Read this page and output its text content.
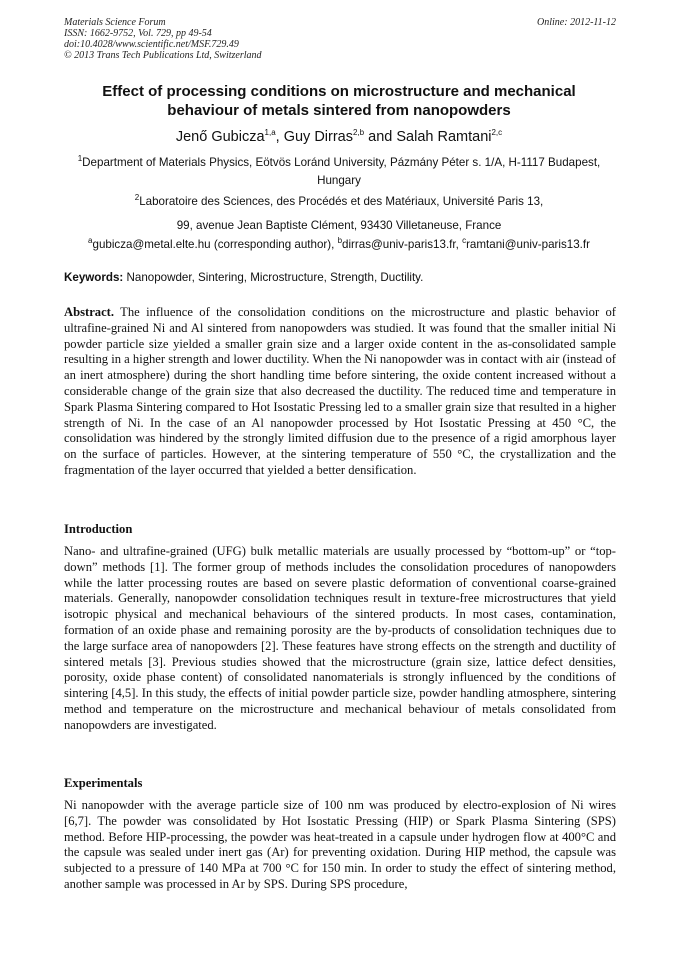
Materials Science Forum
ISSN: 1662-9752, Vol. 729, pp 49-54
doi:10.4028/www.scientific.net/MSF.729.49
© 2013 Trans Tech Publications Ltd, Switzerland
Online: 2012-11-12
Effect of processing conditions on microstructure and mechanical behaviour of metals sintered from nanopowders
Jenő Gubicza$^{1,a}$, Guy Dirras$^{2,b}$ and Salah Ramtani$^{2,c}$
$^1$Department of Materials Physics, Eötvös Loránd University, Pázmány Péter s. 1/A, H-1117 Budapest, Hungary
$^2$Laboratoire des Sciences, des Procédés et des Matériaux, Université Paris 13,
99, avenue Jean Baptiste Clément, 93430 Villetaneuse, France
$^a$gubicza@metal.elte.hu (corresponding author), $^b$dirras@univ-paris13.fr, $^c$ramtani@univ-paris13.fr
Keywords: Nanopowder, Sintering, Microstructure, Strength, Ductility.
Abstract. The influence of the consolidation conditions on the microstructure and plastic behavior of ultrafine-grained Ni and Al sintered from nanopowders was studied. It was found that the smaller initial Ni powder particle size yielded a smaller grain size and a larger oxide content in the as-consolidated sample resulting in a higher strength and lower ductility. When the Ni nanopowder was in contact with air (instead of an inert atmosphere) during the short handling time before sintering, the oxide content increased without a considerable change of the grain size that also decreased the ductility. The reduced time and temperature in Spark Plasma Sintering compared to Hot Isostatic Pressing led to a smaller grain size that resulted in a higher strength of Ni. In the case of an Al nanopowder processed by Hot Isostatic Pressing at 450 °C, the consolidation was hindered by the strongly limited diffusion due to the presence of a rigid amorphous layer on the surface of particles. However, at the sintering temperature of 550 °C, the crystallization and the fragmentation of the layer occurred that yielded a better densification.
Introduction
Nano- and ultrafine-grained (UFG) bulk metallic materials are usually processed by “bottom-up” or “top-down” methods [1]. The former group of methods includes the consolidation procedures of nanopowders while the latter processing routes are based on severe plastic deformation of conventional coarse-grained materials. Generally, nanopowder consolidation techniques result in texture-free microstructures that yield isotropic physical and mechanical behaviours of the sintered products. In most cases, contamination, formation of an oxide phase and remaining porosity are the by-products of consolidation techniques due to the large surface area of nanopowders [2]. These features have strong effects on the strength and ductility of sintered metals [3]. Previous studies showed that the microstructure (grain size, lattice defect densities, porosity, oxide phase content) of consolidated nanomaterials is strongly influenced by the conditions of sintering [4,5]. In this study, the effects of initial powder particle size, powder handling atmosphere, sintering method and temperature on the microstructure and mechanical behaviour of metals consolidated from nanopowders are investigated.
Experimentals
Ni nanopowder with the average particle size of 100 nm was produced by electro-explosion of Ni wires [6,7]. The powder was consolidated by Hot Isostatic Pressing (HIP) or Spark Plasma Sintering (SPS) method. Before HIP-processing, the powder was heat-treated in a capsule under hydrogen flow at 400°C and the capsule was sealed under inert gas (Ar) for preventing oxidation. During HIP method, the capsule was subjected to a pressure of 140 MPa at 700 °C for 150 min. In order to study the effect of sintering method, another sample was processed in Ar by SPS. During SPS procedure,
